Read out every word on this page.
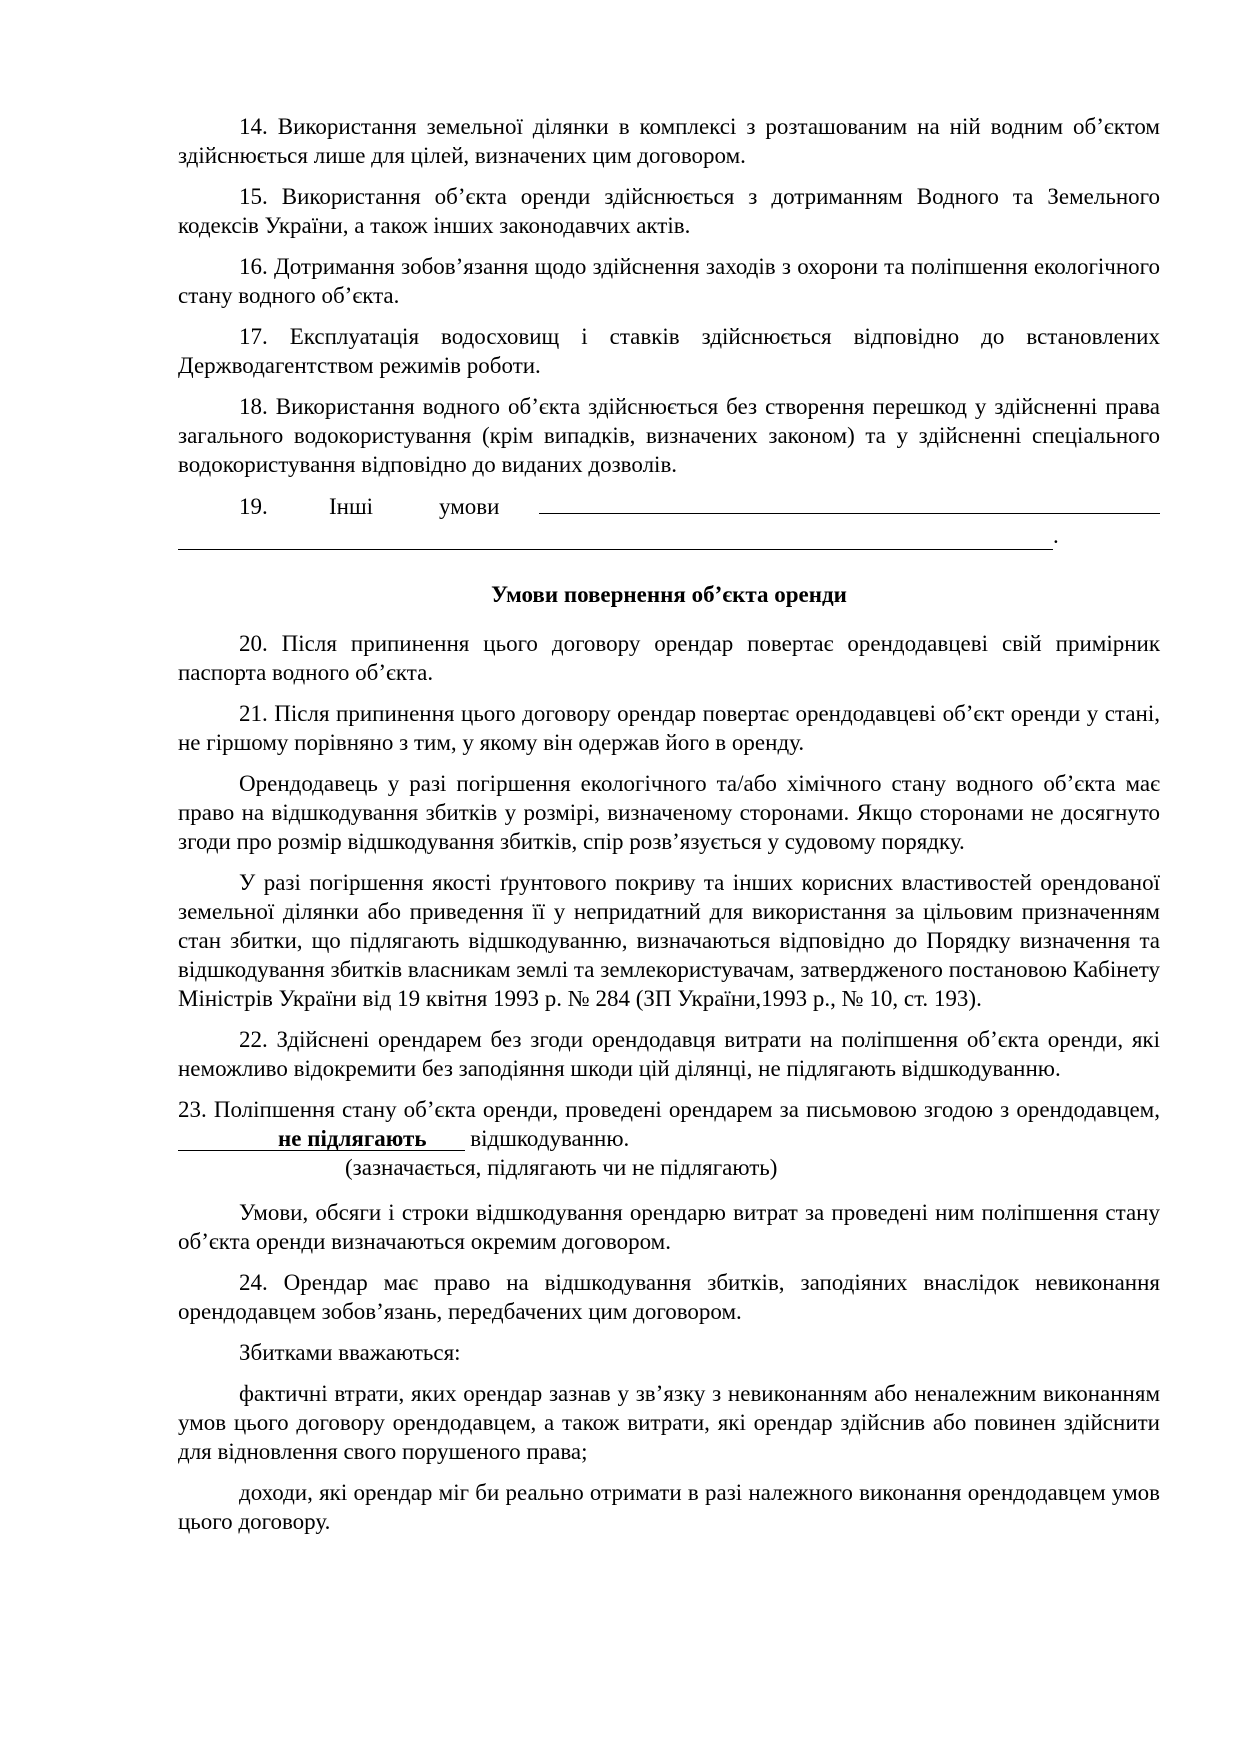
14. Використання земельної ділянки в комплексі з розташованим на ній водним об’єктом здійснюється лише для цілей, визначених цим договором.

15. Використання об’єкта оренди здійснюється з дотриманням Водного та Земельного кодексів України, а також інших законодавчих актів.

16. Дотримання зобов’язання щодо здійснення заходів з охорони та поліпшення екологічного стану водного об’єкта.

17. Експлуатація водосховищ і ставків здійснюється відповідно до встановлених Держводагентством режимів роботи.

18. Використання водного об’єкта здійснюється без створення перешкод у здійсненні права загального водокористування (крім випадків, визначених законом) та у здійсненні спеціального водокористування відповідно до виданих дозволів.

19.	Інші	умови
.

Умови повернення об’єкта оренди

20. Після припинення цього договору орендар повертає орендодавцеві свій примірник паспорта водного об’єкта.

21. Після припинення цього договору орендар повертає орендодавцеві об’єкт оренди у стані, не гіршому порівняно з тим, у якому він одержав його в оренду.

Орендодавець у разі погіршення екологічного та/або хімічного стану водного об’єкта має право на відшкодування збитків у розмірі, визначеному сторонами. Якщо сторонами не досягнуто згоди про розмір відшкодування збитків, спір розв’язується у судовому порядку.

У разі погіршення якості ґрунтового покриву та інших корисних властивостей орендованої земельної ділянки або приведення її у непридатний для використання за цільовим призначенням стан збитки, що підлягають відшкодуванню, визначаються відповідно до Порядку визначення та відшкодування збитків власникам землі та землекористувачам, затвердженого постановою Кабінету Міністрів України від 19 квітня 1993 р. № 284 (ЗП України,1993 р., № 10, ст. 193).

22. Здійснені орендарем без згоди орендодавця витрати на поліпшення об’єкта оренди, які неможливо відокремити без заподіяння шкоди цій ділянці, не підлягають відшкодуванню.

23. Поліпшення стану об’єкта оренди, проведені орендарем за письмовою згодою з орендодавцем, не підлягають відшкодуванню.

(зазначається, підлягають чи не підлягають)

Умови, обсяги і строки відшкодування орендарю витрат за проведені ним поліпшення стану об’єкта оренди визначаються окремим договором.

24. Орендар має право на відшкодування збитків, заподіяних внаслідок невиконання орендодавцем зобов’язань, передбачених цим договором.

Збитками вважаються:

фактичні втрати, яких орендар зазнав у зв’язку з невиконанням або неналежним виконанням умов цього договору орендодавцем, а також витрати, які орендар здійснив або повинен здійснити для відновлення свого порушеного права;

доходи, які орендар міг би реально отримати в разі належного виконання орендодавцем умов цього договору.
